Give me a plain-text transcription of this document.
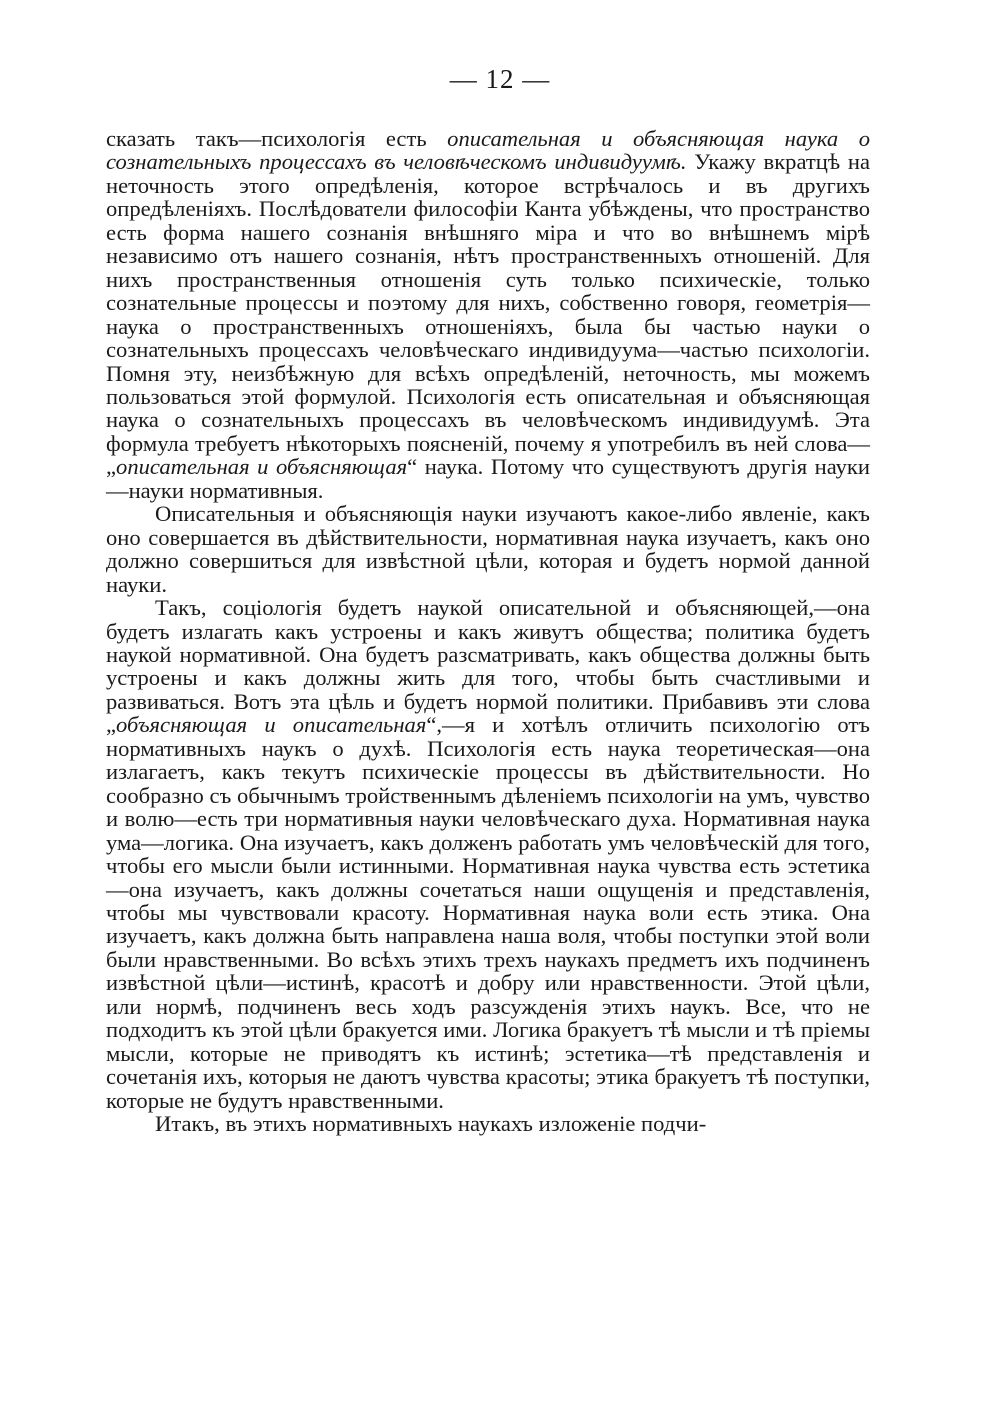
— 12 —

сказать такъ—психологія есть описательная и объясняющая наука о сознательныхъ процессахъ въ человѣческомъ индивидуумѣ. Укажу вкратцѣ на неточность этого опредѣленія, которое встрѣчалось и въ другихъ опредѣленіяхъ. Послѣдователи философіи Канта убѣждены, что пространство есть форма нашего сознанія внѣшняго міра и что во внѣшнемъ мірѣ независимо отъ нашего сознанія, нѣтъ пространственныхъ отношеній. Для нихъ пространственныя отношенія суть только психическіе, только сознательные процессы и поэтому для нихъ, собственно говоря, геометрія—наука о пространственныхъ отношеніяхъ, была бы частью науки о сознательныхъ процессахъ человѣческаго индивидуума—частью психологіи. Помня эту, неизбѣжную для всѣхъ опредѣленій, неточность, мы можемъ пользоваться этой формулой. Психологія есть описательная и объясняющая наука о сознательныхъ процессахъ въ человѣческомъ индивидуумѣ. Эта формула требуетъ нѣкоторыхъ поясненій, почему я употребилъ въ ней слова—„описательная и объясняющая“ наука. Потому что существуютъ другія науки—науки нормативныя.

Описательныя и объясняющія науки изучаютъ какое-либо явленіе, какъ оно совершается въ дѣйствительности, нормативная наука изучаетъ, какъ оно должно совершиться для извѣстной цѣли, которая и будетъ нормой данной науки.

Такъ, соціологія будетъ наукой описательной и объясняющей,—она будетъ излагать какъ устроены и какъ живутъ общества; политика будетъ наукой нормативной. Она будетъ разсматривать, какъ общества должны быть устроены и какъ должны жить для того, чтобы быть счастливыми и развиваться. Вотъ эта цѣль и будетъ нормой политики. Прибавивъ эти слова „объясняющая и описательная“,—я и хотѣлъ отличить психологію отъ нормативныхъ наукъ о духѣ. Психологія есть наука теоретическая—она излагаетъ, какъ текутъ психическіе процессы въ дѣйствительности. Но сообразно съ обычнымъ тройственнымъ дѣленіемъ психологіи на умъ, чувство и волю—есть три нормативныя науки человѣческаго духа. Нормативная наука ума—логика. Она изучаетъ, какъ долженъ работать умъ человѣческій для того, чтобы его мысли были истинными. Нормативная наука чувства есть эстетика—она изучаетъ, какъ должны сочетаться наши ощущенія и представленія, чтобы мы чувствовали красоту. Нормативная наука воли есть этика. Она изучаетъ, какъ должна быть направлена наша воля, чтобы поступки этой воли были нравственными. Во всѣхъ этихъ трехъ наукахъ предметъ ихъ подчиненъ извѣстной цѣли—истинѣ, красотѣ и добру или нравственности. Этой цѣли, или нормѣ, подчиненъ весь ходъ разсужденія этихъ наукъ. Все, что не подходитъ къ этой цѣли бракуется ими. Логика бракуетъ тѣ мысли и тѣ пріемы мысли, которые не приводятъ къ истинѣ; эстетика—тѣ представленія и сочетанія ихъ, которыя не даютъ чувства красоты; этика бракуетъ тѣ поступки, которые не будутъ нравственными.

Итакъ, въ этихъ нормативныхъ наукахъ изложеніе подчи-
